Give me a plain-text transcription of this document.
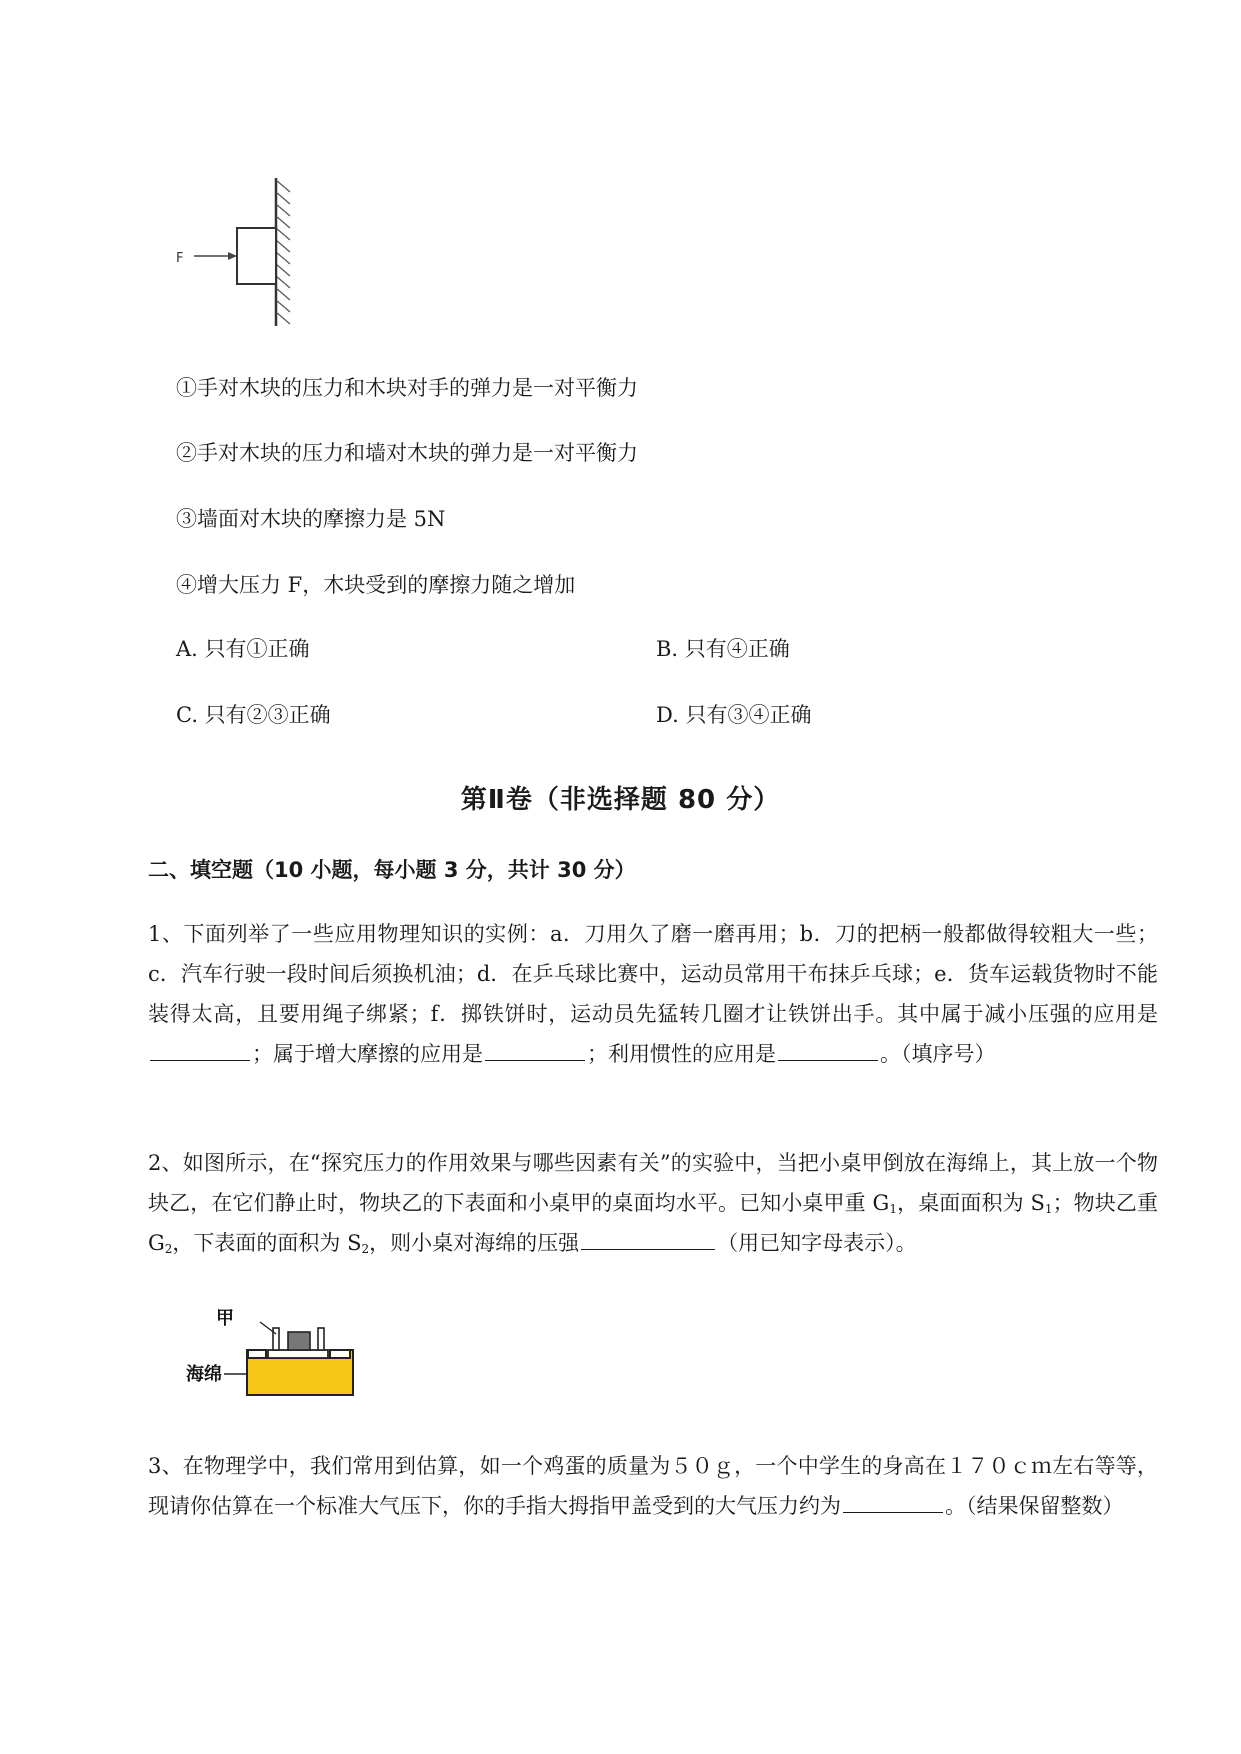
F
①手对木块的压力和木块对手的弹力是一对平衡力
②手对木块的压力和墙对木块的弹力是一对平衡力
③墙面对木块的摩擦力是 5N
④增大压力 F，木块受到的摩擦力随之增加
A. 只有①正确	B. 只有④正确
C. 只有②③正确	D. 只有③④正确
第Ⅱ卷（非选择题 80 分）
二、填空题（10 小题，每小题 3 分，共计 30 分）
1、下面列举了一些应用物理知识的实例：a．刀用久了磨一磨再用；b．刀的把柄一般都做得较粗大一些；c．汽车行驶一段时间后须换机油；d．在乒乓球比赛中，运动员常用干布抹乒乓球；e．货车运载货物时不能装得太高，且要用绳子绑紧；f．掷铁饼时，运动员先猛转几圈才让铁饼出手。其中属于减小压强的应用是；属于增大摩擦的应用是	；利用惯性的应用是	。（填序号）
2、如图所示，在“探究压力的作用效果与哪些因素有关”的实验中，当把小桌甲倒放在海绵上，其上放一个物块乙，在它们静止时，物块乙的下表面和小桌甲的桌面均水平。已知小桌甲重 $G_1$，桌面面积为 $S_1$；物块乙重 $G_2$，下表面的面积为 $S_2$，则小桌对海绵的压强	（用已知字母表示）。
甲
海绵
3、在物理学中，我们常用到估算，如一个鸡蛋的质量为５０ｇ，一个中学生的身高在１７０ｃｍ左右等等，现请你估算在一个标准大气压下，你的手指大拇指甲盖受到的大气压力约为	。（结果保留整数）
